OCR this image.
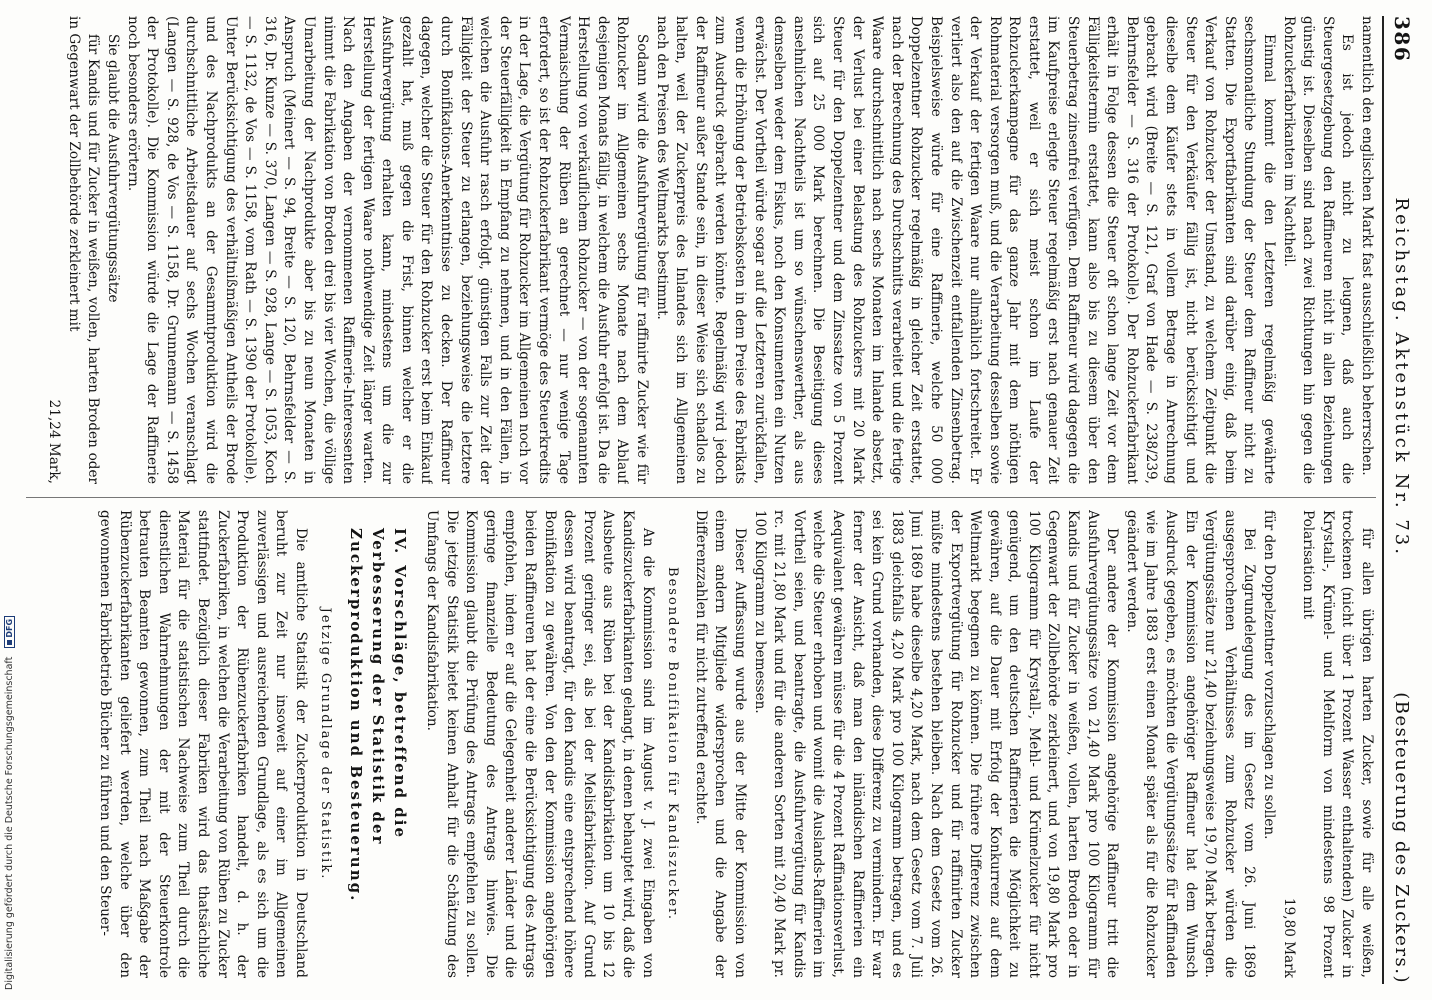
386
Reichstag. Aktenstück Nr. 73.
(Besteuerung des Zuckers.)

namentlich den englischen Markt fast ausschließlich beherrschen.

Es ist jedoch nicht zu leugnen, daß auch die Steuergesetzgebung den Raffineuren nicht in allen Beziehungen günstig ist. Dieselben sind nach zwei Richtungen hin gegen die Rohzuckerfabrikanten im Nachtheil.

Einmal kommt die den Letzteren regelmäßig gewährte sechsmonatliche Stundung der Steuer dem Raffineur nicht zu Statten. Die Exportfabrikanten sind darüber einig, daß beim Verkauf von Rohzucker der Umstand, zu welchem Zeitpunkt die Steuer für den Verkäufer fällig ist, nicht berücksichtigt und dieselbe dem Käufer stets in vollem Betrage in Anrechnung gebracht wird (Breite — S. 121, Graf von Hade — S. 238/239, Behrnsfelder — S. 316 der Protokolle). Der Rohzuckerfabrikant erhält in Folge dessen die Steuer oft schon lange Zeit vor dem Fälligkeitstermin erstattet, kann also bis zu diesem über den Steuerbetrag zinsenfrei verfügen. Dem Raffineur wird dagegen die im Kaufpreise erlegte Steuer regelmäßig erst nach genauer Zeit erstattet, weil er sich meist schon im Laufe der Rohzuckerkampagne für das ganze Jahr mit dem nöthigen Rohmaterial versorgen muß, und die Verarbeitung desselben sowie der Verkauf der fertigen Waare nur allmählich fortschreitet. Er verliert also den auf die Zwischenzeit entfallenden Zinsenbetrag. Beispielsweise würde für eine Raffinerie, welche 50 000 Doppelzentner Rohzucker regelmäßig in gleicher Zeit erstattet, nach der Berechnung des Durchschnitts verarbeitet und die fertige Waare durchschnittlich nach sechs Monaten im Inlande absetzt, der Verlust bei einer Belastung des Rohzuckers mit 20 Mark Steuer für den Doppelzentner und dem Zinssatze von 5 Prozent sich auf 25 000 Mark berechnen. Die Beseitigung dieses ansehnlichen Nachtheils ist um so wünschenswerther, als aus demselben weder dem Fiskus, noch den Konsumenten ein Nutzen erwächst. Der Vortheil würde sogar auf die Letzteren zurückfallen, wenn die Erhöhung der Betriebskosten in dem Preise des Fabrikats zum Ausdruck gebracht werden könnte. Regelmäßig wird jedoch der Raffineur außer Stande sein, in dieser Weise sich schadlos zu halten, weil der Zuckerpreis des Inlandes sich im Allgemeinen nach den Preisen des Weltmarkts bestimmt.

Sodann wird die Ausfuhrvergütung für raffinirte Zucker wie für Rohzucker im Allgemeinen sechs Monate nach dem Ablauf desjenigen Monats fällig, in welchem die Ausfuhr erfolgt ist. Da die Herstellung von verkäuflichem Rohzucker — von der sogenannten Vermaischung der Rüben an gerechnet — nur wenige Tage erfordert, so ist der Rohzuckerfabrikant vermöge des Steuerkredits in der Lage, die Vergütung für Rohzucker im Allgemeinen noch vor der Steuerfälligkeit in Empfang zu nehmen, und in den Fällen, in welchen die Ausfuhr rasch erfolgt, günstigen Falls zur Zeit der Fälligkeit der Steuer zu erlangen, beziehungsweise die letztere durch Bonifikations-Anerkenntnisse zu decken. Der Raffineur dagegen, welcher die Steuer für den Rohzucker erst beim Einkauf gezahlt hat, muß gegen die Frist, binnen welcher er die Ausfuhrvergütung erhalten kann, mindestens um die zur Herstellung der fertigen Waare nothwendige Zeit länger warten. Nach den Angaben der vernommenen Raffinerie-Interessenten nimmt die Fabrikation von Broden drei bis vier Wochen, die völlige Umarbeitung der Nachprodukte aber bis zu neun Monaten in Anspruch (Meinert — S. 94, Breite — S. 120, Behrnsfelder — S. 316, Dr. Kunze — S. 370, Langen — S. 928, Lange — S. 1053, Koch — S. 1132, de Vos — S. 1158, vom Rath — S. 1390 der Protokolle). Unter Berücksichtigung des verhältnißmäßigen Antheils der Brode und des Nachprodukts an der Gesammtproduktion wird die durchschnittliche Arbeitsdauer auf sechs Wochen veranschlagt (Langen — S. 928, de Vos — S. 1158, Dr. Grunnemann — S. 1458 der Protokolle). Die Kommission würde die Lage der Raffinerie noch besonders erörtern.

Sie glaubt die Ausfuhrvergütungssätze

für Kandis und für Zucker in weißen, vollen, harten Broden oder in Gegenwart der Zollbehörde zerkleinert mit

21,24 Mark,

für allen übrigen harten Zucker, sowie für alle weißen, trockenen (nicht über 1 Prozent Wasser enthaltenden) Zucker in Krystall-, Krümel- und Mehlform von mindestens 98 Prozent Polarisation mit

19,80 Mark

für den Doppelzentner vorzuschlagen zu sollen.

Bei Zugrundelegung des im Gesetz vom 26. Juni 1869 ausgesprochenen Verhältnisses zum Rohzucker würden die Vergütungssätze nur 21,40 beziehungsweise 19,70 Mark betragen. Ein der Kommission angehöriger Raffineur hat dem Wunsch Ausdruck gegeben, es möchten die Vergütungssätze für Raffinaden wie im Jahre 1883 erst einen Monat später als für die Rohzucker geändert werden.

Der andere der Kommission angehörige Raffineur tritt die Ausfuhrvergütungssätze von 21,40 Mark pro 100 Kilogramm für Kandis und für Zucker in weißen, vollen, harten Broden oder in Gegenwart der Zollbehörde zerkleinert, und von 19,80 Mark pro 100 Kilogramm für Krystall-, Mehl- und Krümelzucker für nicht genügend, um den deutschen Raffinerien die Möglichkeit zu gewähren, auf die Dauer mit Erfolg der Konkurrenz auf dem Weltmarkt begegnen zu können. Die frühere Differenz zwischen der Exportvergütung für Rohzucker und für raffinirten Zucker müßte mindestens bestehen bleiben. Nach dem Gesetz vom 26. Juni 1869 habe dieselbe 4,20 Mark, nach dem Gesetz vom 7. Juli 1883 gleichfalls 4,20 Mark pro 100 Kilogramm betragen, und es sei kein Grund vorhanden, diese Differenz zu vermindern. Er war ferner der Ansicht, daß man den inländischen Raffinerien ein Aequivalent gewähren müsse für die 4 Prozent Raffinationsverlust, welche die Steuer erhoben und womit die Auslands-Raffinerien im Vortheil seien, und beantragte, die Ausfuhrvergütung für Kandis rc. mit 21,80 Mark und für die anderen Sorten mit 20,40 Mark pr. 100 Kilogramm zu bemessen.

Dieser Auffassung wurde aus der Mitte der Kommission von einem andern Mitgliede widersprochen und die Angabe der Differenzzahlen für nicht zutreffend erachtet.

Besondere Bonifikation für Kandiszucker.

An die Kommission sind im August v. J. zwei Eingaben von Kandiszuckerfabrikanten gelangt, in denen behauptet wird, daß die Ausbeute aus Rüben bei der Kandisfabrikation um 10 bis 12 Prozent geringer sei, als bei der Melisfabrikation. Auf Grund dessen wird beantragt, für den Kandis eine entsprechend höhere Bonifikation zu gewähren. Von den der Kommission angehörigen beiden Raffineuren hat der eine die Berücksichtigung des Antrags empfohlen, indem er auf die Gelegenheit anderer Länder und die geringe finanzielle Bedeutung des Antrags hinwies. Die Kommission glaubt die Prüfung des Antrags empfehlen zu sollen. Die jetzige Statistik bietet keinen Anhalt für die Schätzung des Umfangs der Kandisfabrikation.

IV.Vorschläge, betreffend die Verbesserung der Statistik der Zuckerproduktion und Besteuerung.

Jetzige Grundlage der Statistik.

Die amtliche Statistik der Zuckerproduktion in Deutschland beruht zur Zeit nur insoweit auf einer im Allgemeinen zuverlässigen und ausreichenden Grundlage, als es sich um die Produktion der Rübenzuckerfabriken handelt, d. h. der Zuckerfabriken, in welchen die Verarbeitung von Rüben zu Zucker stattfindet. Bezüglich dieser Fabriken wird das thatsächliche Material für die statistischen Nachweise zum Theil durch die dienstlichen Wahrnehmungen der mit der Steuerkontrole betrauten Beamten gewonnen, zum Theil nach Maßgabe der Rübenzuckerfabrikanten geliefert werden, welche über den gewonnenen Fabrikbetrieb Bücher zu führen und den Steuer-

Digitalisierung gefördert durch die Deutsche Forschungsgemeinschaft DFG
